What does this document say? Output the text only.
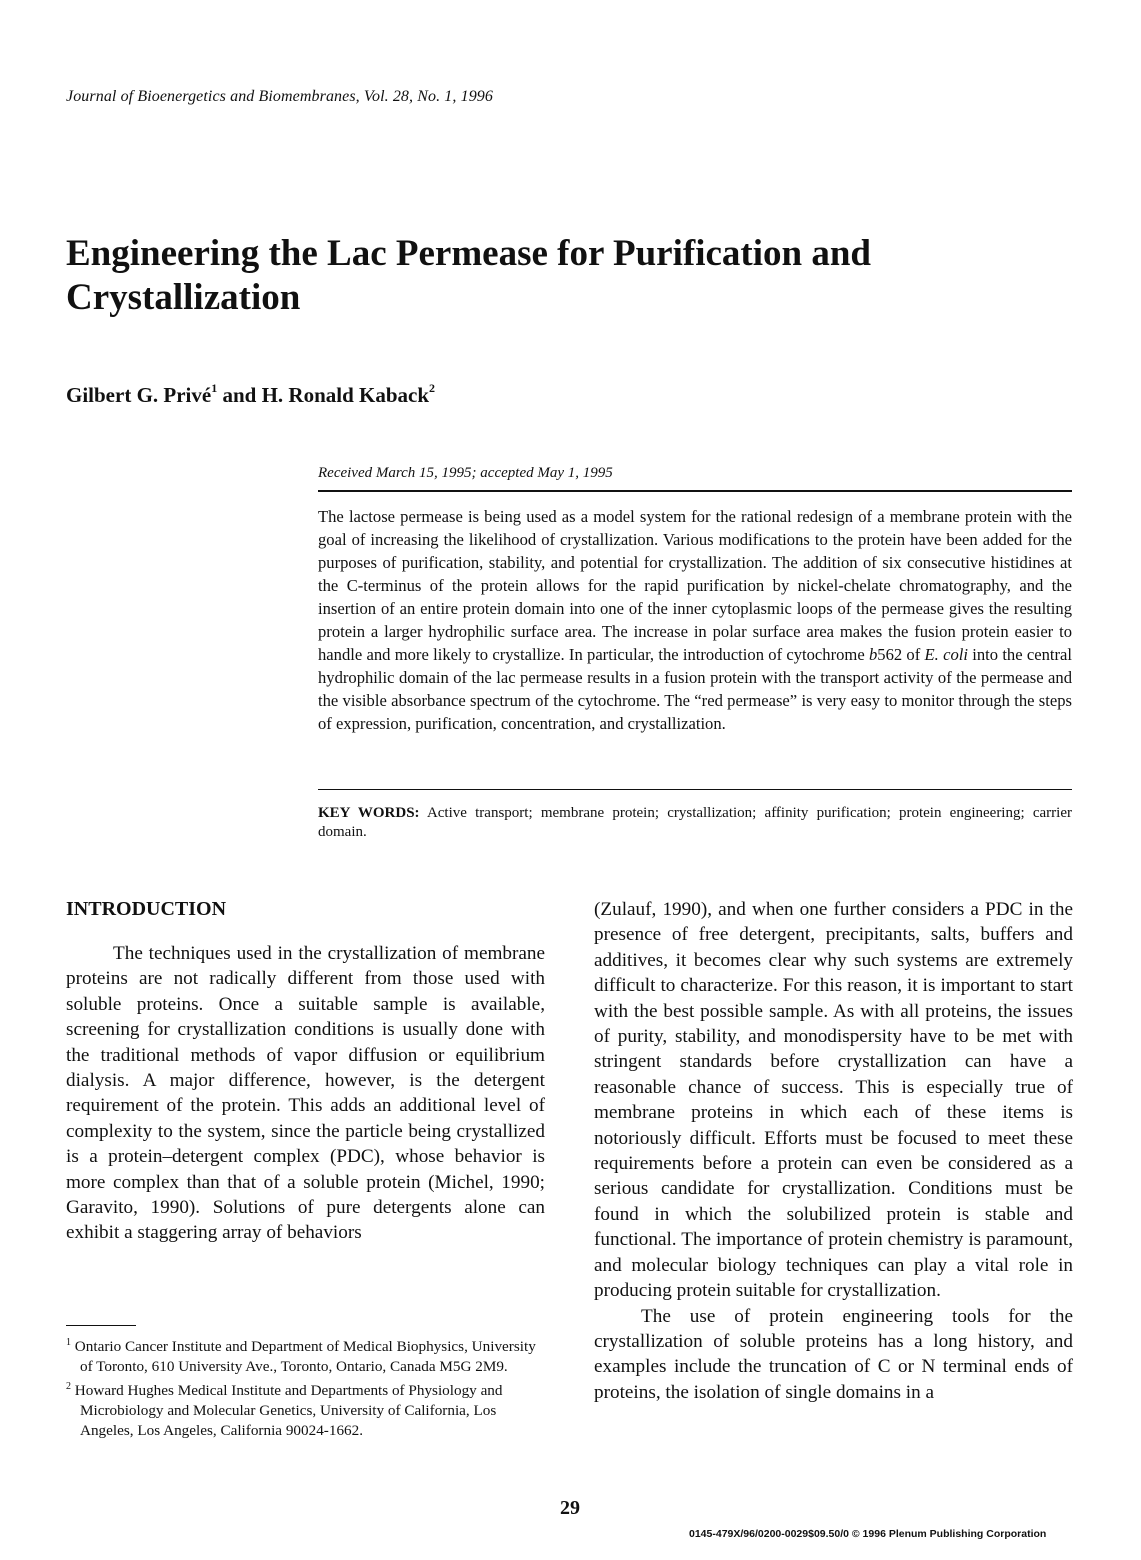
Journal of Bioenergetics and Biomembranes, Vol. 28, No. 1, 1996
Engineering the Lac Permease for Purification and Crystallization
Gilbert G. Privé$^1$ and H. Ronald Kaback$^2$
Received March 15, 1995; accepted May 1, 1995

The lactose permease is being used as a model system for the rational redesign of a membrane protein with the goal of increasing the likelihood of crystallization. Various modifications to the protein have been added for the purposes of purification, stability, and potential for crystallization. The addition of six consecutive histidines at the C-terminus of the protein allows for the rapid purification by nickel-chelate chromatography, and the insertion of an entire protein domain into one of the inner cytoplasmic loops of the permease gives the resulting protein a larger hydrophilic surface area. The increase in polar surface area makes the fusion protein easier to handle and more likely to crystallize. In particular, the introduction of cytochrome b562 of E. coli into the central hydrophilic domain of the lac permease results in a fusion protein with the transport activity of the permease and the visible absorbance spectrum of the cytochrome. The “red permease” is very easy to monitor through the steps of expression, purification, concentration, and crystallization.

KEY WORDS: Active transport; membrane protein; crystallization; affinity purification; protein engineering; carrier domain.

INTRODUCTION

The techniques used in the crystallization of membrane proteins are not radically different from those used with soluble proteins. Once a suitable sample is available, screening for crystallization conditions is usually done with the traditional methods of vapor diffusion or equilibrium dialysis. A major difference, however, is the detergent requirement of the protein. This adds an additional level of complexity to the system, since the particle being crystallized is a protein–detergent complex (PDC), whose behavior is more complex than that of a soluble protein (Michel, 1990; Garavito, 1990). Solutions of pure detergents alone can exhibit a staggering array of behaviors

(Zulauf, 1990), and when one further considers a PDC in the presence of free detergent, precipitants, salts, buffers and additives, it becomes clear why such systems are extremely difficult to characterize. For this reason, it is important to start with the best possible sample. As with all proteins, the issues of purity, stability, and monodispersity have to be met with stringent standards before crystallization can have a reasonable chance of success. This is especially true of membrane proteins in which each of these items is notoriously difficult. Efforts must be focused to meet these requirements before a protein can even be considered as a serious candidate for crystallization. Conditions must be found in which the solubilized protein is stable and functional. The importance of protein chemistry is paramount, and molecular biology techniques can play a vital role in producing protein suitable for crystallization.

The use of protein engineering tools for the crystallization of soluble proteins has a long history, and examples include the truncation of C or N terminal ends of proteins, the isolation of single domains in a

$^1$ Ontario Cancer Institute and Department of Medical Biophysics, University of Toronto, 610 University Ave., Toronto, Ontario, Canada M5G 2M9.

$^2$ Howard Hughes Medical Institute and Departments of Physiology and Microbiology and Molecular Genetics, University of California, Los Angeles, Los Angeles, California 90024-1662.

29
0145-479X/96/0200-0029$09.50/0 © 1996 Plenum Publishing Corporation
